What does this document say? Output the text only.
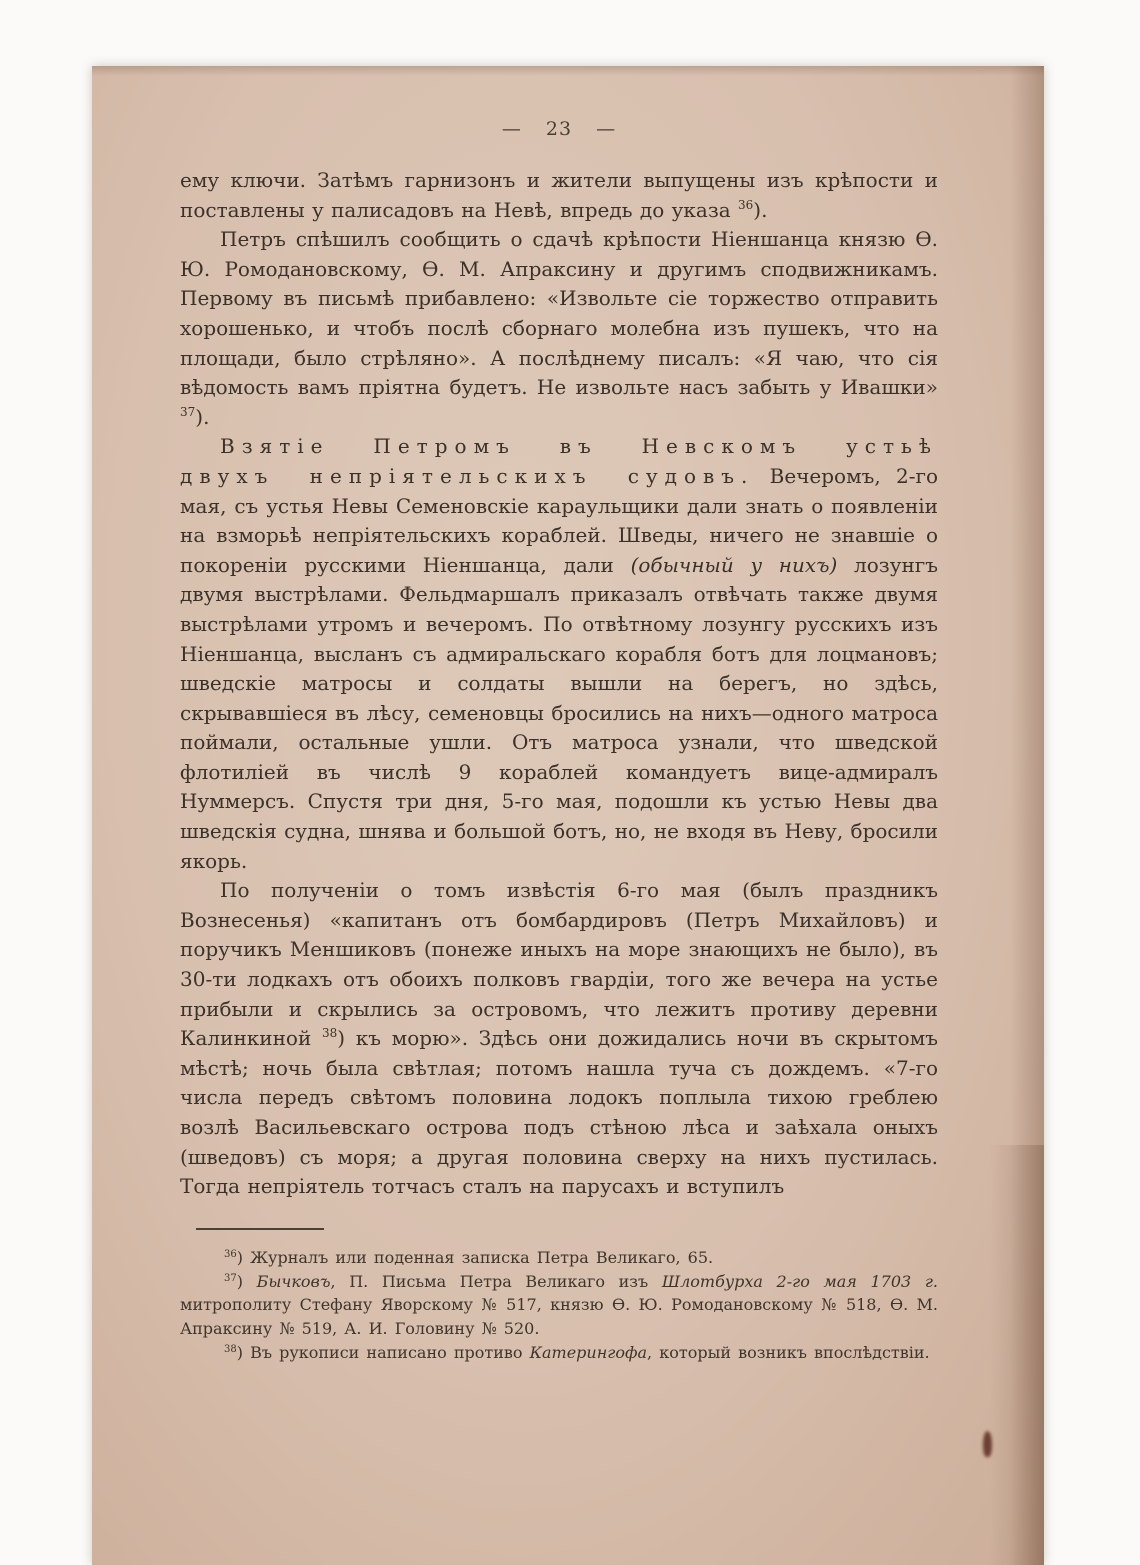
— 23 —

ему ключи. Затѣмъ гарнизонъ и жители выпущены изъ крѣпости и поставлены у палисадовъ на Невѣ, впредь до указа $^{36}$).

Петръ спѣшилъ сообщить о сдачѣ крѣпости Ніеншанца князю Ѳ. Ю. Ромодановскому, Ѳ. М. Апраксину и другимъ сподвижникамъ. Первому въ письмѣ прибавлено: «Извольте сіе торжество отправить хорошенько, и чтобъ послѣ сборнаго молебна изъ пушекъ, что на площади, было стрѣляно». А послѣднему писалъ: «Я чаю, что сія вѣдомость вамъ пріятна будетъ. Не извольте насъ забыть у Ивашки» $^{37}$).

Взятіе Петромъ въ Невскомъ устьѣ двухъ непріятельскихъ судовъ. Вечеромъ, 2-го мая, съ устья Невы Семеновскіе караульщики дали знать о появленіи на взморьѣ непріятельскихъ кораблей. Шведы, ничего не знавшіе о покореніи русскими Ніеншанца, дали (обычный у нихъ) лозунгъ двумя выстрѣлами. Фельдмаршалъ приказалъ отвѣчать также двумя выстрѣлами утромъ и вечеромъ. По отвѣтному лозунгу русскихъ изъ Ніеншанца, высланъ съ адмиральскаго корабля ботъ для лоцмановъ; шведскіе матросы и солдаты вышли на берегъ, но здѣсь, скрывавшіеся въ лѣсу, семеновцы бросились на нихъ—одного матроса поймали, остальные ушли. Отъ матроса узнали, что шведской флотиліей въ числѣ 9 кораблей командуетъ вице-адмиралъ Нуммерсъ. Спустя три дня, 5-го мая, подошли къ устью Невы два шведскія судна, шнява и большой ботъ, но, не входя въ Неву, бросили якорь.

По полученіи о томъ извѣстія 6-го мая (былъ праздникъ Вознесенья) «капитанъ отъ бомбардировъ (Петръ Михайловъ) и поручикъ Меншиковъ (понеже иныхъ на море знающихъ не было), въ 30-ти лодкахъ отъ обоихъ полковъ гвардіи, того же вечера на устье прибыли и скрылись за островомъ, что лежитъ противу деревни Калинкиной $^{38}$) къ морю». Здѣсь они дожидались ночи въ скрытомъ мѣстѣ; ночь была свѣтлая; потомъ нашла туча съ дождемъ. «7-го числа передъ свѣтомъ половина лодокъ поплыла тихою греблею возлѣ Васильевскаго острова подъ стѣною лѣса и заѣхала оныхъ (шведовъ) съ моря; а другая половина сверху на нихъ пустилась. Тогда непріятель тотчасъ сталъ на парусахъ и вступилъ

$^{36}$) Журналъ или поденная записка Петра Великаго, 65.

$^{37}$) Бычковъ, П. Письма Петра Великаго изъ Шлотбурха 2-го мая 1703 г. митрополиту Стефану Яворскому № 517, князю Ѳ. Ю. Ромодановскому № 518, Ѳ. М. Апраксину № 519, А. И. Головину № 520.

$^{38}$) Въ рукописи написано противо Катерингофа, который возникъ впослѣдствіи.
